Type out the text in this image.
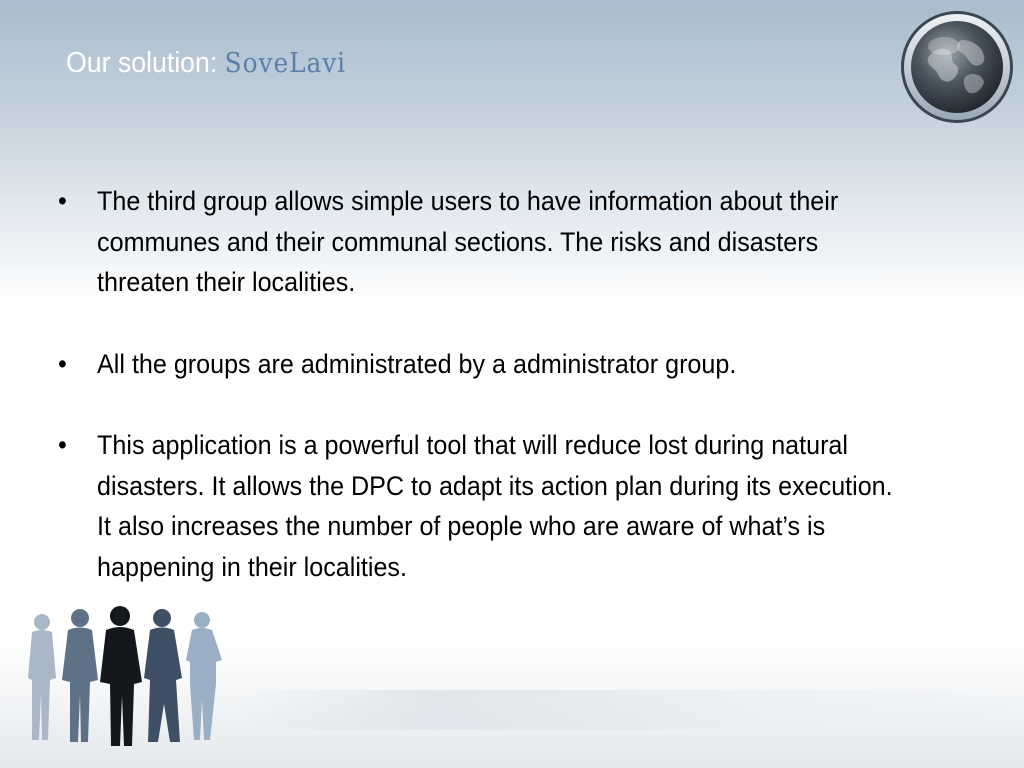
Our solution: SoveLavi
• The third group allows simple users to have information about their communes and their communal sections. The risks and disasters threaten their localities.
• All the groups are administrated by a administrator group.
• This application is a powerful tool that will reduce lost during natural disasters. It allows the DPC to adapt its action plan during its execution. It also increases the number of people who are aware of what’s is happening in their localities.
